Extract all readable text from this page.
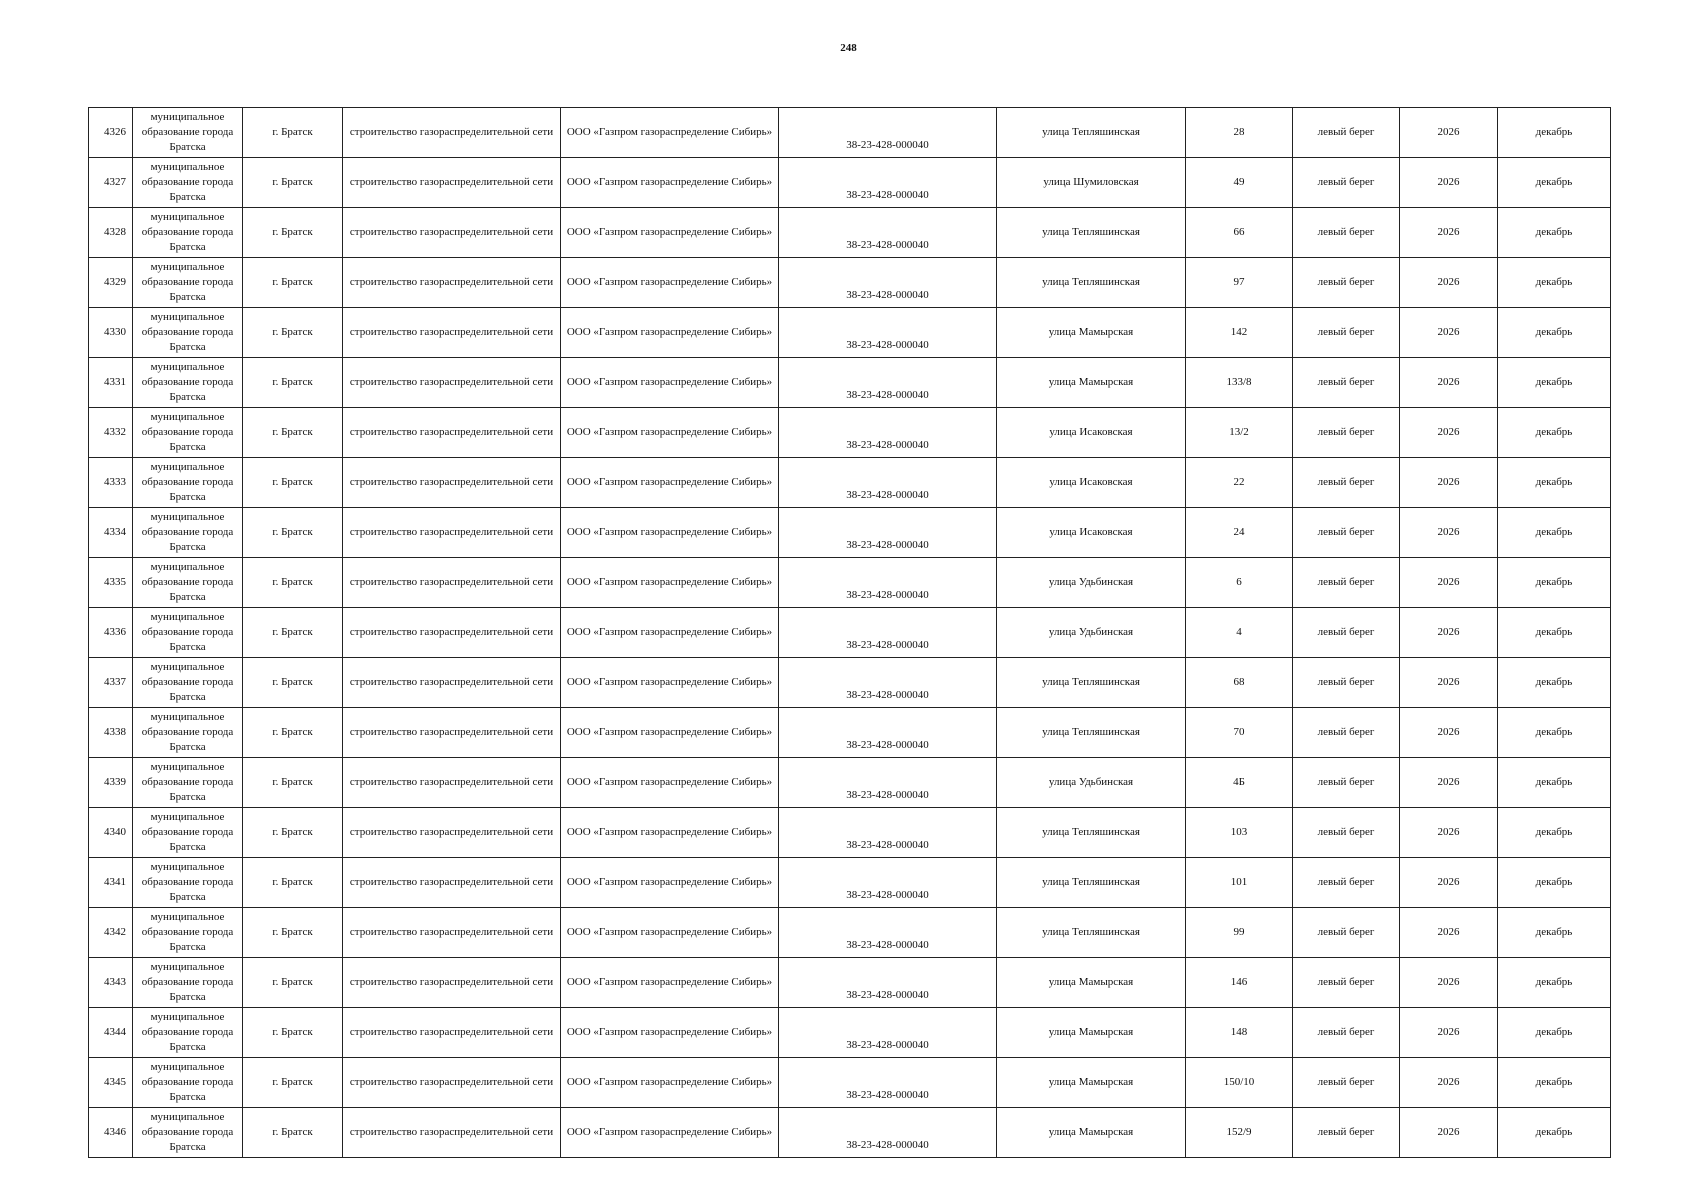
248
4326	муниципальное образование города Братска	г. Братск	строительство газораспределительной сети	ООО «Газпром газораспределение Сибирь»	38-23-428-000040	улица Тепляшинская	28	левый берег	2026	декабрь
4327	муниципальное образование города Братска	г. Братск	строительство газораспределительной сети	ООО «Газпром газораспределение Сибирь»	38-23-428-000040	улица Шумиловская	49	левый берег	2026	декабрь
4328	муниципальное образование города Братска	г. Братск	строительство газораспределительной сети	ООО «Газпром газораспределение Сибирь»	38-23-428-000040	улица Тепляшинская	66	левый берег	2026	декабрь
4329	муниципальное образование города Братска	г. Братск	строительство газораспределительной сети	ООО «Газпром газораспределение Сибирь»	38-23-428-000040	улица Тепляшинская	97	левый берег	2026	декабрь
4330	муниципальное образование города Братска	г. Братск	строительство газораспределительной сети	ООО «Газпром газораспределение Сибирь»	38-23-428-000040	улица Мамырская	142	левый берег	2026	декабрь
4331	муниципальное образование города Братска	г. Братск	строительство газораспределительной сети	ООО «Газпром газораспределение Сибирь»	38-23-428-000040	улица Мамырская	133/8	левый берег	2026	декабрь
4332	муниципальное образование города Братска	г. Братск	строительство газораспределительной сети	ООО «Газпром газораспределение Сибирь»	38-23-428-000040	улица Исаковская	13/2	левый берег	2026	декабрь
4333	муниципальное образование города Братска	г. Братск	строительство газораспределительной сети	ООО «Газпром газораспределение Сибирь»	38-23-428-000040	улица Исаковская	22	левый берег	2026	декабрь
4334	муниципальное образование города Братска	г. Братск	строительство газораспределительной сети	ООО «Газпром газораспределение Сибирь»	38-23-428-000040	улица Исаковская	24	левый берег	2026	декабрь
4335	муниципальное образование города Братска	г. Братск	строительство газораспределительной сети	ООО «Газпром газораспределение Сибирь»	38-23-428-000040	улица Удьбинская	6	левый берег	2026	декабрь
4336	муниципальное образование города Братска	г. Братск	строительство газораспределительной сети	ООО «Газпром газораспределение Сибирь»	38-23-428-000040	улица Удьбинская	4	левый берег	2026	декабрь
4337	муниципальное образование города Братска	г. Братск	строительство газораспределительной сети	ООО «Газпром газораспределение Сибирь»	38-23-428-000040	улица Тепляшинская	68	левый берег	2026	декабрь
4338	муниципальное образование города Братска	г. Братск	строительство газораспределительной сети	ООО «Газпром газораспределение Сибирь»	38-23-428-000040	улица Тепляшинская	70	левый берег	2026	декабрь
4339	муниципальное образование города Братска	г. Братск	строительство газораспределительной сети	ООО «Газпром газораспределение Сибирь»	38-23-428-000040	улица Удьбинская	4Б	левый берег	2026	декабрь
4340	муниципальное образование города Братска	г. Братск	строительство газораспределительной сети	ООО «Газпром газораспределение Сибирь»	38-23-428-000040	улица Тепляшинская	103	левый берег	2026	декабрь
4341	муниципальное образование города Братска	г. Братск	строительство газораспределительной сети	ООО «Газпром газораспределение Сибирь»	38-23-428-000040	улица Тепляшинская	101	левый берег	2026	декабрь
4342	муниципальное образование города Братска	г. Братск	строительство газораспределительной сети	ООО «Газпром газораспределение Сибирь»	38-23-428-000040	улица Тепляшинская	99	левый берег	2026	декабрь
4343	муниципальное образование города Братска	г. Братск	строительство газораспределительной сети	ООО «Газпром газораспределение Сибирь»	38-23-428-000040	улица Мамырская	146	левый берег	2026	декабрь
4344	муниципальное образование города Братска	г. Братск	строительство газораспределительной сети	ООО «Газпром газораспределение Сибирь»	38-23-428-000040	улица Мамырская	148	левый берег	2026	декабрь
4345	муниципальное образование города Братска	г. Братск	строительство газораспределительной сети	ООО «Газпром газораспределение Сибирь»	38-23-428-000040	улица Мамырская	150/10	левый берег	2026	декабрь
4346	муниципальное образование города Братска	г. Братск	строительство газораспределительной сети	ООО «Газпром газораспределение Сибирь»	38-23-428-000040	улица Мамырская	152/9	левый берег	2026	декабрь
